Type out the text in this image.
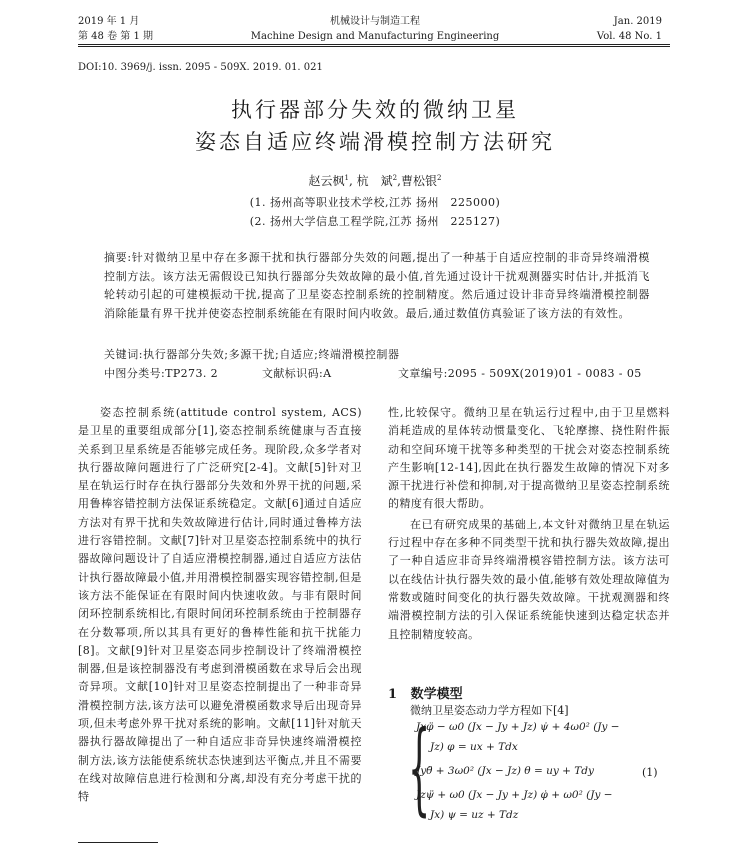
2019 年 1 月
第 48 卷 第 1 期
机械设计与制造工程
Machine Design and Manufacturing Engineering
Jan. 2019
Vol. 48 No. 1
DOI:10. 3969/j. issn. 2095 - 509X. 2019. 01. 021
执行器部分失效的微纳卫星
姿态自适应终端滑模控制方法研究
赵云枫$^1$, 杭　斌$^2$,曹松银$^2$
(1. 扬州高等职业技术学校,江苏 扬州　225000)
(2. 扬州大学信息工程学院,江苏 扬州　225127)
摘要:针对微纳卫星中存在多源干扰和执行器部分失效的问题,提出了一种基于自适应控制的非奇异终端滑模控制方法。该方法无需假设已知执行器部分失效故障的最小值,首先通过设计干扰观测器实时估计,并抵消飞轮转动引起的可建模振动干扰,提高了卫星姿态控制系统的控制精度。然后通过设计非奇异终端滑模控制器消除能量有界干扰并使姿态控制系统能在有限时间内收敛。最后,通过数值仿真验证了该方法的有效性。
关键词:执行器部分失效;多源干扰;自适应;终端滑模控制器
中图分类号:TP273. 2	文献标识码:A	文章编号:2095 - 509X(2019)01 - 0083 - 05

姿态控制系统(attitude control system, ACS)是卫星的重要组成部分[1],姿态控制系统健康与否直接关系到卫星系统是否能够完成任务。现阶段,众多学者对执行器故障问题进行了广泛研究[2-4]。文献[5]针对卫星在轨运行时存在执行器部分失效和外界干扰的问题,采用鲁棒容错控制方法保证系统稳定。文献[6]通过自适应方法对有界干扰和失效故障进行估计,同时通过鲁棒方法进行容错控制。文献[7]针对卫星姿态控制系统中的执行器故障问题设计了自适应滑模控制器,通过自适应方法估计执行器故障最小值,并用滑模控制器实现容错控制,但是该方法不能保证在有限时间内快速收敛。与非有限时间闭环控制系统相比,有限时间闭环控制系统由于控制器存在分数幂项,所以其具有更好的鲁棒性能和抗干扰能力[8]。文献[9]针对卫星姿态同步控制设计了终端滑模控制器,但是该控制器没有考虑到滑模函数在求导后会出现奇异项。文献[10]针对卫星姿态控制提出了一种非奇异滑模控制方法,该方法可以避免滑模函数求导后出现奇异项,但未考虑外界干扰对系统的影响。文献[11]针对航天器执行器故障提出了一种自适应非奇异快速终端滑模控制方法,该方法能使系统状态快速到达平衡点,并且不需要在线对故障信息进行检测和分离,却没有充分考虑干扰的特

性,比较保守。微纳卫星在轨运行过程中,由于卫星燃料消耗造成的星体转动惯量变化、飞轮摩擦、挠性附件振动和空间环境干扰等多种类型的干扰会对姿态控制系统产生影响[12-14],因此在执行器发生故障的情况下对多源干扰进行补偿和抑制,对于提高微纳卫星姿态控制系统的精度有很大帮助。

在已有研究成果的基础上,本文针对微纳卫星在轨运行过程中存在多种不同类型干扰和执行器失效故障,提出了一种自适应非奇异终端滑模容错控制方法。该方法可以在线估计执行器失效的最小值,能够有效处理故障值为常数或随时间变化的执行器失效故障。干扰观测器和终端滑模控制方法的引入保证系统能快速到达稳定状态并且控制精度较高。

1 数学模型
微纳卫星姿态动力学方程如下[4]
{
Jxφ̈ − ω0 (Jx − Jy + Jz) ψ̇ + 4ω0² (Jy −
Jz) φ = ux + Tdx
Jyθ̈ + 3ω0² (Jx − Jz) θ = uy + Tdy
Jzψ̈ + ω0 (Jx − Jy + Jz) φ̇ + ω0² (Jy −
Jx) ψ = uz + Tdz
(1)
